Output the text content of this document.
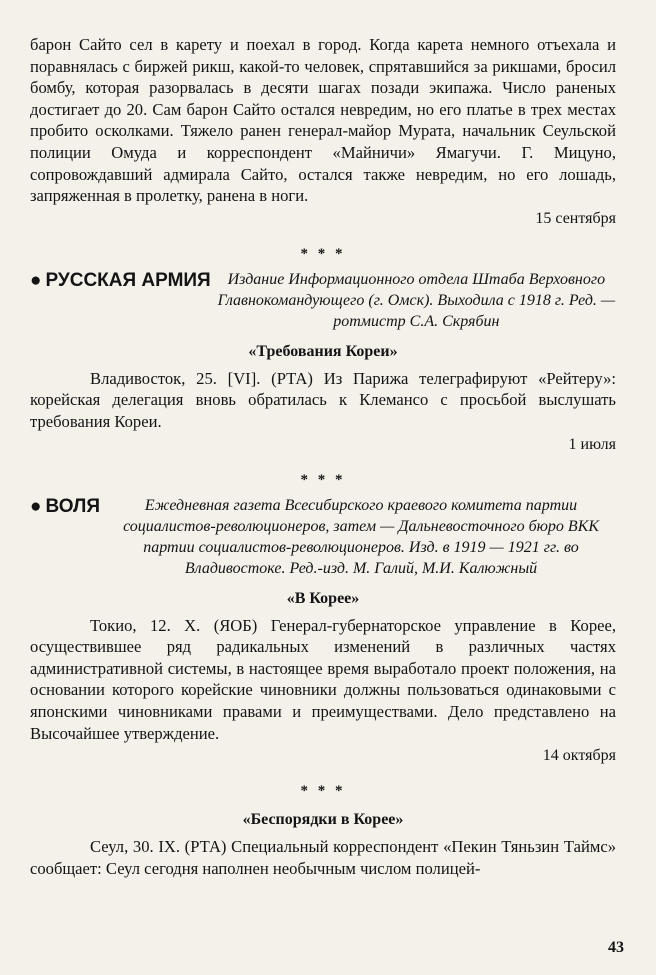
барон Сайто сел в карету и поехал в город. Когда карета немного отъехала и поравнялась с биржей рикш, какой-то человек, спрятавшийся за рикшами, бросил бомбу, которая разорвалась в десяти шагах позади экипажа. Число раненых достигает до 20. Сам барон Сайто остался невредим, но его платье в трех местах пробито осколками. Тяжело ранен генерал-майор Мурата, начальник Сеульской полиции Омуда и корреспондент «Майничи» Ямагучи. Г. Мицуно, сопровождавший адмирала Сайто, остался также невредим, но его лошадь, запряженная в пролетку, ранена в ноги.

15 сентября

* * *
● РУССКАЯ АРМИЯ	Издание Информационного отдела Штаба Верховного Главнокомандующего (г. Омск). Выходила с 1918 г. Ред. — ротмистр С.А. Скрябин
«Требования Кореи»

Владивосток, 25. [VI]. (РТА) Из Парижа телеграфируют «Рейтеру»: корейская делегация вновь обратилась к Клемансо с просьбой выслушать требования Кореи.

1 июля

* * *
● ВОЛЯ	Ежедневная газета Всесибирского краевого комитета партии социалистов-революционеров, затем — Дальневосточного бюро ВКК партии социалистов-революционеров. Изд. в 1919 — 1921 гг. во Владивостоке. Ред.-изд. М. Галий, М.И. Калюжный
«В Корее»

Токио, 12. X. (ЯОБ) Генерал-губернаторское управление в Корее, осуществившее ряд радикальных изменений в различных частях административной системы, в настоящее время выработало проект положения, на основании которого корейские чиновники должны пользоваться одинаковыми с японскими чиновниками правами и преимуществами. Дело представлено на Высочайшее утверждение.

14 октября

* * *
«Беспорядки в Корее»

Сеул, 30. IX. (РТА) Специальный корреспондент «Пекин Тяньзин Таймс» сообщает: Сеул сегодня наполнен необычным числом полицей-

43
